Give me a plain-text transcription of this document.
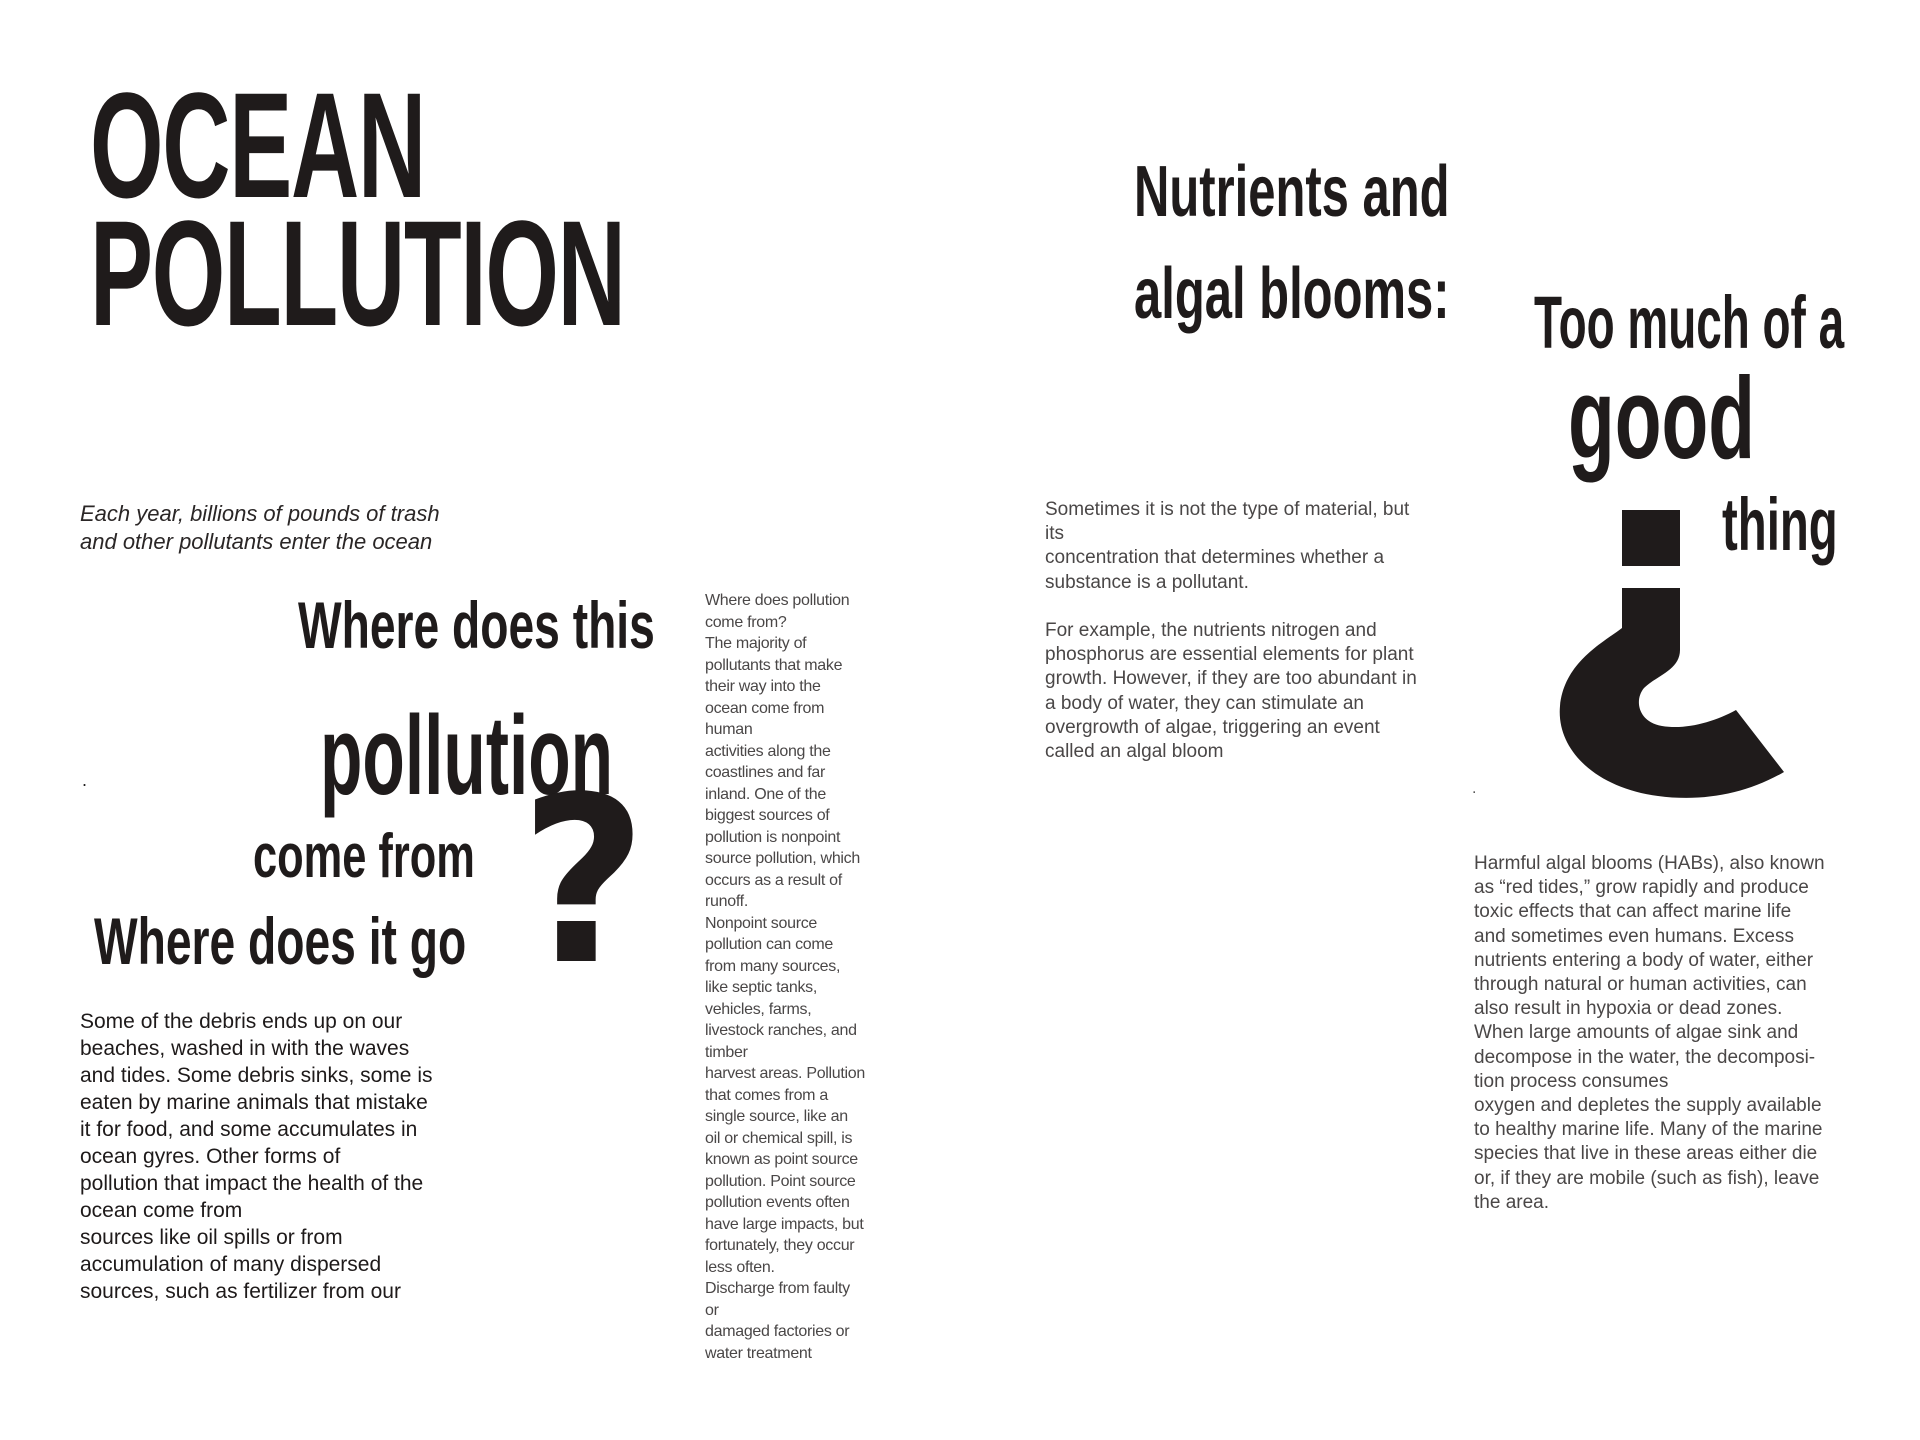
OCEAN
POLLUTION
Each year, billions of pounds of trash
and other pollutants enter the ocean
Where does this
pollution
come from
Where does it go ?
.
Some of the debris ends up on our
beaches, washed in with the waves
and tides. Some debris sinks, some is
eaten by marine animals that mistake
it for food, and some accumulates in
ocean gyres. Other forms of
pollution that impact the health of the
ocean come from
sources like oil spills or from
accumulation of many dispersed
sources, such as fertilizer from our
Where does pollution
come from?
The majority of
pollutants that make
their way into the
ocean come from
human
activities along the
coastlines and far
inland. One of the
biggest sources of
pollution is nonpoint
source pollution, which
occurs as a result of
runoff.
Nonpoint source
pollution can come
from many sources,
like septic tanks,
vehicles, farms,
livestock ranches, and
timber
harvest areas. Pollution
that comes from a
single source, like an
oil or chemical spill, is
known as point source
pollution. Point source
pollution events often
have large impacts, but
fortunately, they occur
less often.
Discharge from faulty
or
damaged factories or
water treatment
Nutrients and
algal blooms: Too much of a
good
thing
Sometimes it is not the type of material, but
its
concentration that determines whether a
substance is a pollutant.

For example, the nutrients nitrogen and
phosphorus are essential elements for plant
growth. However, if they are too abundant in
a body of water, they can stimulate an
overgrowth of algae, triggering an event
called an algal bloom
.
Harmful algal blooms (HABs), also known
as “red tides,” grow rapidly and produce
toxic effects that can affect marine life
and sometimes even humans. Excess
nutrients entering a body of water, either
through natural or human activities, can
also result in hypoxia or dead zones.
When large amounts of algae sink and
decompose in the water, the decomposi-
tion process consumes
oxygen and depletes the supply available
to healthy marine life. Many of the marine
species that live in these areas either die
or, if they are mobile (such as fish), leave
the area.
